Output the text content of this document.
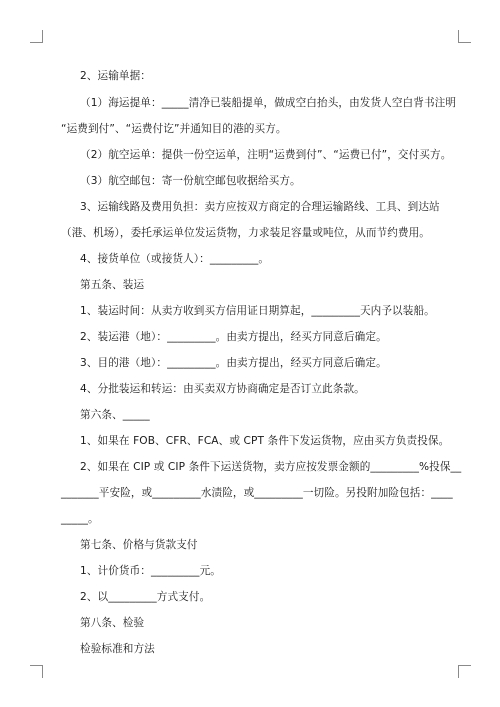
2、运输单据：
（1）海运提单：_____清净已装船提单，做成空白抬头，由发货人空白背书注明
“运费到付”、“运费付讫”并通知目的港的买方。
（2）航空运单：提供一份空运单，注明“运费到付”、“运费已付”，交付买方。
（3）航空邮包：寄一份航空邮包收据给买方。
3、运输线路及费用负担：卖方应按双方商定的合理运输路线、工具、到达站
（港、机场），委托承运单位发运货物，力求装足容量或吨位，从而节约费用。
4、接货单位（或接货人）：_________。
第五条、装运
1、装运时间：从卖方收到买方信用证日期算起，_________天内予以装船。
2、装运港（地）：_________。由卖方提出，经买方同意后确定。
3、目的港（地）：_________。由卖方提出，经买方同意后确定。
4、分批装运和转运：由买卖双方协商确定是否订立此条款。
第六条、_____
1、如果在 FOB、CFR、FCA、或 CPT 条件下发运货物，应由买方负责投保。
2、如果在 CIP 或 CIP 条件下运送货物，卖方应按发票金额的_________%投保__
_______平安险，或_________水渍险，或_________一切险。另投附加险包括：____
_____。
第七条、价格与货款支付
1、计价货币：_________元。
2、以_________方式支付。
第八条、检验
检验标准和方法
